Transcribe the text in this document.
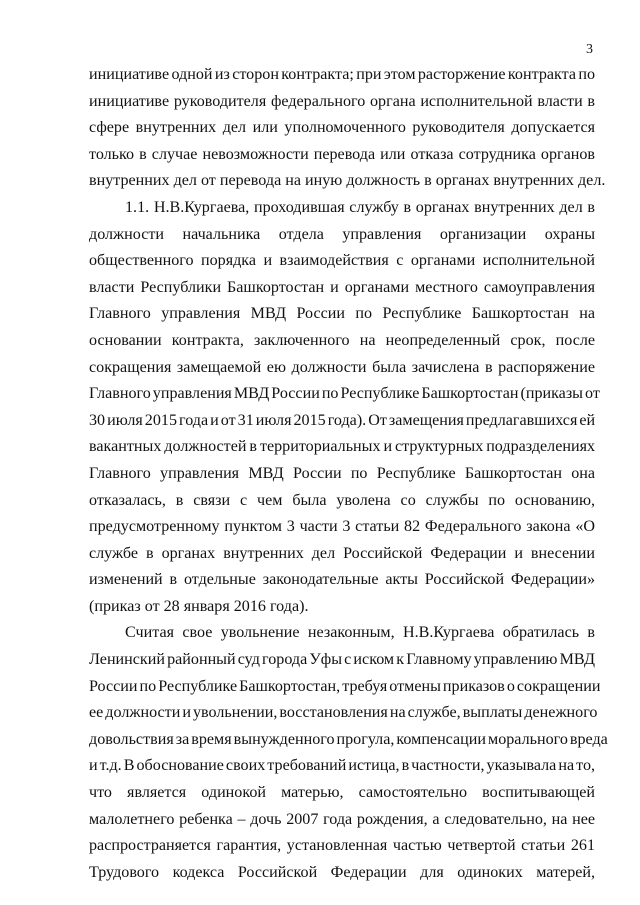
3

инициативе одной из сторон контракта; при этом расторжение контракта по
инициативе руководителя федерального органа исполнительной власти в
сфере внутренних дел или уполномоченного руководителя допускается
только в случае невозможности перевода или отказа сотрудника органов
внутренних дел от перевода на иную должность в органах внутренних дел.

1.1. Н.В.Кургаева, проходившая службу в органах внутренних дел в
должности начальника отдела управления организации охраны
общественного порядка и взаимодействия с органами исполнительной
власти Республики Башкортостан и органами местного самоуправления
Главного управления МВД России по Республике Башкортостан на
основании контракта, заключенного на неопределенный срок, после
сокращения замещаемой ею должности была зачислена в распоряжение
Главного управления МВД России по Республике Башкортостан (приказы от
30 июля 2015 года и от 31 июля 2015 года). От замещения предлагавшихся ей
вакантных должностей в территориальных и структурных подразделениях
Главного управления МВД России по Республике Башкортостан она
отказалась, в связи с чем была уволена со службы по основанию,
предусмотренному пунктом 3 части 3 статьи 82 Федерального закона «О
службе в органах внутренних дел Российской Федерации и внесении
изменений в отдельные законодательные акты Российской Федерации»
(приказ от 28 января 2016 года).

Считая свое увольнение незаконным, Н.В.Кургаева обратилась в
Ленинский районный суд города Уфы с иском к Главному управлению МВД
России по Республике Башкортостан, требуя отмены приказов о сокращении
ее должности и увольнении, восстановления на службе, выплаты денежного
довольствия за время вынужденного прогула, компенсации морального вреда
и т.д. В обоснование своих требований истица, в частности, указывала на то,
что является одинокой матерью, самостоятельно воспитывающей
малолетнего ребенка – дочь 2007 года рождения, а следовательно, на нее
распространяется гарантия, установленная частью четвертой статьи 261
Трудового кодекса Российской Федерации для одиноких матерей,
